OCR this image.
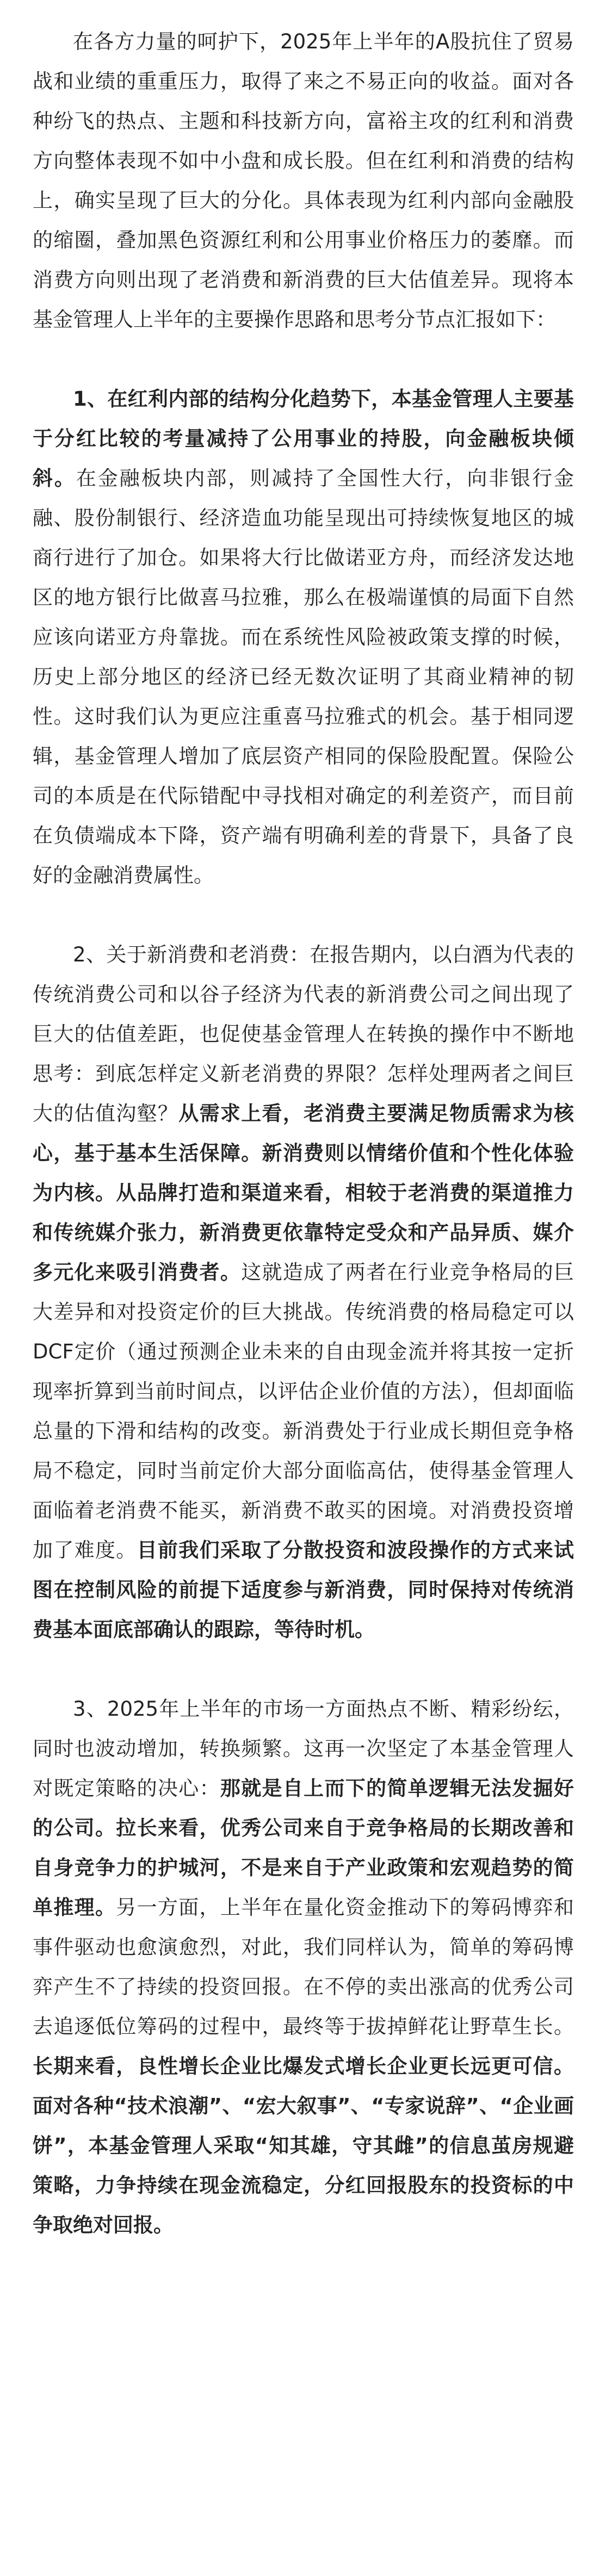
在各方力量的呵护下，2025年上半年的A股抗住了贸易战和业绩的重重压力，取得了来之不易正向的收益。面对各种纷飞的热点、主题和科技新方向，富裕主攻的红利和消费方向整体表现不如中小盘和成长股。但在红利和消费的结构上，确实呈现了巨大的分化。具体表现为红利内部向金融股的缩圈，叠加黑色资源红利和公用事业价格压力的萎靡。而消费方向则出现了老消费和新消费的巨大估值差异。现将本基金管理人上半年的主要操作思路和思考分节点汇报如下：

1、在红利内部的结构分化趋势下，本基金管理人主要基于分红比较的考量减持了公用事业的持股，向金融板块倾斜。在金融板块内部，则减持了全国性大行，向非银行金融、股份制银行、经济造血功能呈现出可持续恢复地区的城商行进行了加仓。如果将大行比做诺亚方舟，而经济发达地区的地方银行比做喜马拉雅，那么在极端谨慎的局面下自然应该向诺亚方舟靠拢。而在系统性风险被政策支撑的时候，历史上部分地区的经济已经无数次证明了其商业精神的韧性。这时我们认为更应注重喜马拉雅式的机会。基于相同逻辑，基金管理人增加了底层资产相同的保险股配置。保险公司的本质是在代际错配中寻找相对确定的利差资产，而目前在负债端成本下降，资产端有明确利差的背景下，具备了良好的金融消费属性。

2、关于新消费和老消费：在报告期内，以白酒为代表的传统消费公司和以谷子经济为代表的新消费公司之间出现了巨大的估值差距，也促使基金管理人在转换的操作中不断地思考：到底怎样定义新老消费的界限？怎样处理两者之间巨大的估值沟壑？从需求上看，老消费主要满足物质需求为核心，基于基本生活保障。新消费则以情绪价值和个性化体验为内核。从品牌打造和渠道来看，相较于老消费的渠道推力和传统媒介张力，新消费更依靠特定受众和产品异质、媒介多元化来吸引消费者。这就造成了两者在行业竞争格局的巨大差异和对投资定价的巨大挑战。传统消费的格局稳定可以DCF定价（通过预测企业未来的自由现金流并将其按一定折现率折算到当前时间点，以评估企业价值的方法），但却面临总量的下滑和结构的改变。新消费处于行业成长期但竞争格局不稳定，同时当前定价大部分面临高估，使得基金管理人面临着老消费不能买，新消费不敢买的困境。对消费投资增加了难度。目前我们采取了分散投资和波段操作的方式来试图在控制风险的前提下适度参与新消费，同时保持对传统消费基本面底部确认的跟踪，等待时机。

3、2025年上半年的市场一方面热点不断、精彩纷纭，同时也波动增加，转换频繁。这再一次坚定了本基金管理人对既定策略的决心：那就是自上而下的简单逻辑无法发掘好的公司。拉长来看，优秀公司来自于竞争格局的长期改善和自身竞争力的护城河，不是来自于产业政策和宏观趋势的简单推理。另一方面，上半年在量化资金推动下的筹码博弈和事件驱动也愈演愈烈，对此，我们同样认为，简单的筹码博弈产生不了持续的投资回报。在不停的卖出涨高的优秀公司去追逐低位筹码的过程中，最终等于拔掉鲜花让野草生长。长期来看，良性增长企业比爆发式增长企业更长远更可信。面对各种“技术浪潮”、“宏大叙事”、“专家说辞”、“企业画饼”，本基金管理人采取“知其雄，守其雌”的信息茧房规避策略，力争持续在现金流稳定，分红回报股东的投资标的中争取绝对回报。
